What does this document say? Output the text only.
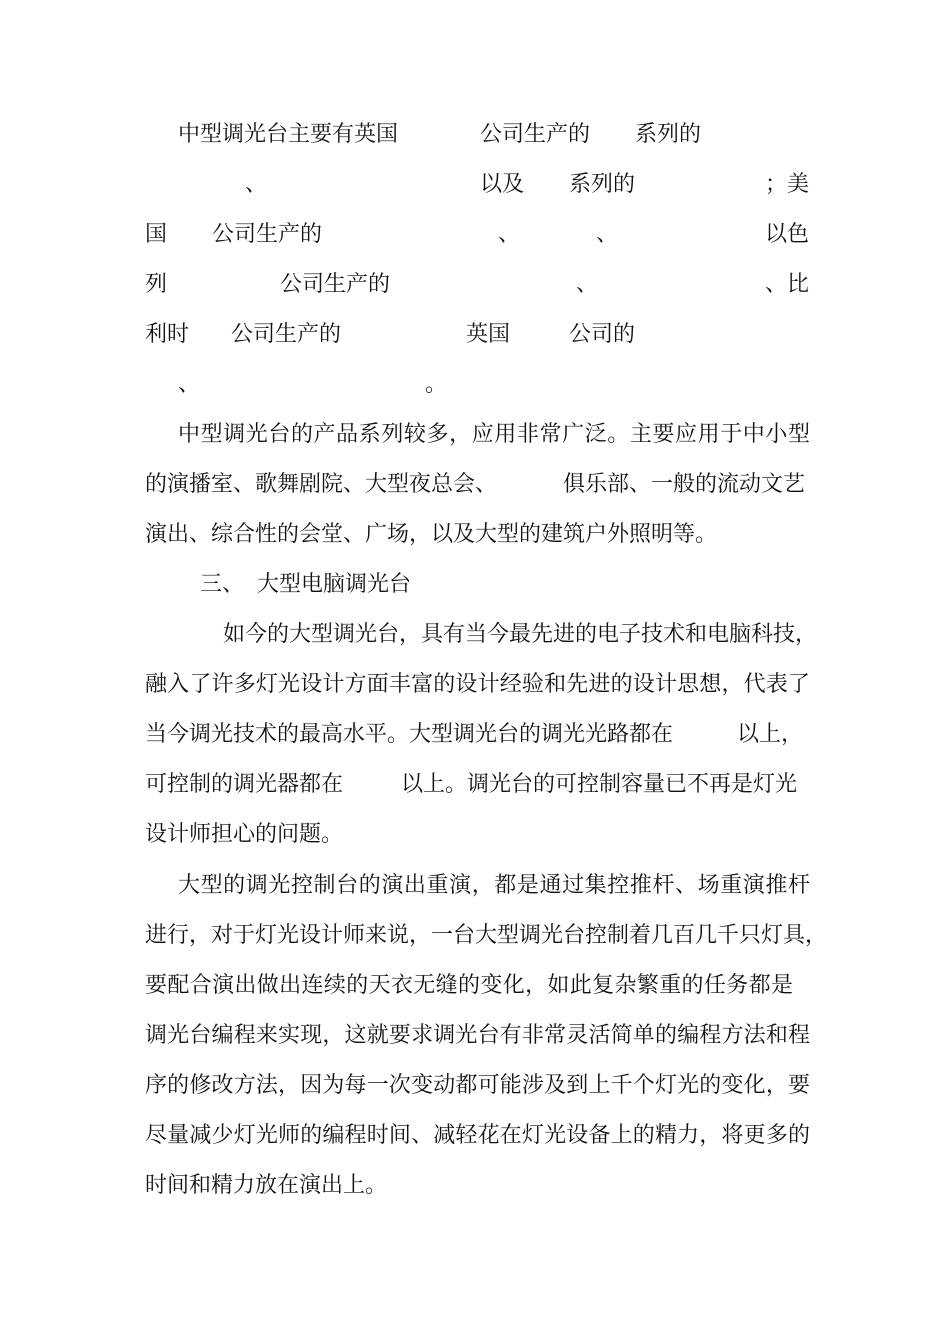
中型调光台主要有英国	公司生产的 系列的
、	以及 系列的	；美
国 公司生产的	、	、	以色
列	公司生产的	、	、比
利时 公司生产的	英国	公司的
、	。
中型调光台的产品系列较多，应用非常广泛。主要应用于中小型
的演播室、歌舞剧院、大型夜总会、	俱乐部、一般的流动文艺
演出、综合性的会堂、广场，以及大型的建筑户外照明等。
三、 大型电脑调光台
如今的大型调光台，具有当今最先进的电子技术和电脑科技，
融入了许多灯光设计方面丰富的设计经验和先进的设计思想，代表了
当今调光技术的最高水平。大型调光台的调光光路都在	以上，
可控制的调光器都在	以上。调光台的可控制容量已不再是灯光
设计师担心的问题。
大型的调光控制台的演出重演，都是通过集控推杆、场重演推杆
进行，对于灯光设计师来说，一台大型调光台控制着几百几千只灯具，
要配合演出做出连续的天衣无缝的变化，如此复杂繁重的任务都是
调光台编程来实现，这就要求调光台有非常灵活简单的编程方法和程
序的修改方法，因为每一次变动都可能涉及到上千个灯光的变化，要
尽量减少灯光师的编程时间、减轻花在灯光设备上的精力，将更多的
时间和精力放在演出上。
